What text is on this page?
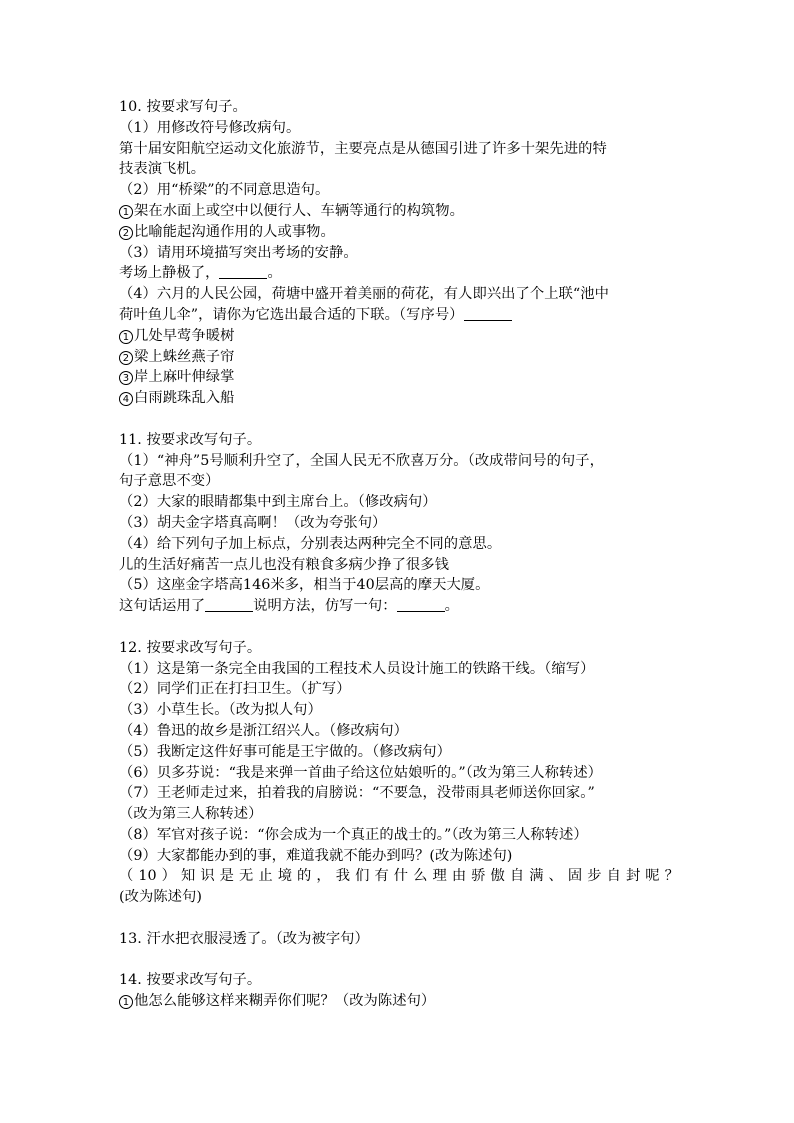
10. 按要求写句子。
（1）用修改符号修改病句。
第十届安阳航空运动文化旅游节，主要亮点是从德国引进了许多十架先进的特
技表演飞机。
（2）用“桥梁”的不同意思造句。
1 架在水面上或空中以便行人、车辆等通行的构筑物。
2 比喻能起沟通作用的人或事物。
（3）请用环境描写突出考场的安静。
考场上静极了，	。
（4）六月的人民公园，荷塘中盛开着美丽的荷花，有人即兴出了个上联“池中
荷叶鱼儿伞”，请你为它选出最合适的下联。（写序号）
1 几处早莺争暖树
2 梁上蛛丝燕子帘
3 岸上麻叶伸绿掌
4 白雨跳珠乱入船
11. 按要求改写句子。
（1）“神舟”5号顺利升空了，全国人民无不欣喜万分。（改成带问号的句子，
句子意思不变）
（2）大家的眼睛都集中到主席台上。（修改病句）
（3）胡夫金字塔真高啊！（改为夸张句）
（4）给下列句子加上标点，分别表达两种完全不同的意思。
儿的生活好痛苦一点儿也没有粮食多病少挣了很多钱
（5）这座金字塔高146米多，相当于40层高的摩天大厦。
这句话运用了	说明方法，仿写一句：	。
12. 按要求改写句子。
（1）这是第一条完全由我国的工程技术人员设计施工的铁路干线。（缩写）
（2）同学们正在打扫卫生。（扩写）
（3）小草生长。（改为拟人句）
（4）鲁迅的故乡是浙江绍兴人。（修改病句）
（5）我断定这件好事可能是王宇做的。（修改病句）
（6）贝多芬说：“我是来弹一首曲子给这位姑娘听的。”（改为第三人称转述）
（7）王老师走过来，拍着我的肩膀说：“不要急，没带雨具老师送你回家。”
（改为第三人称转述）
（8）军官对孩子说：“你会成为一个真正的战士的。”（改为第三人称转述）
（9）大家都能办到的事，难道我就不能办到吗？(改为陈述句)
（10）知识是无止境的，我们有什么理由骄傲自满、固步自封呢？
(改为陈述句)
13. 汗水把衣服浸透了。（改为被字句）
14. 按要求改写句子。
1 他怎么能够这样来糊弄你们呢？（改为陈述句）
